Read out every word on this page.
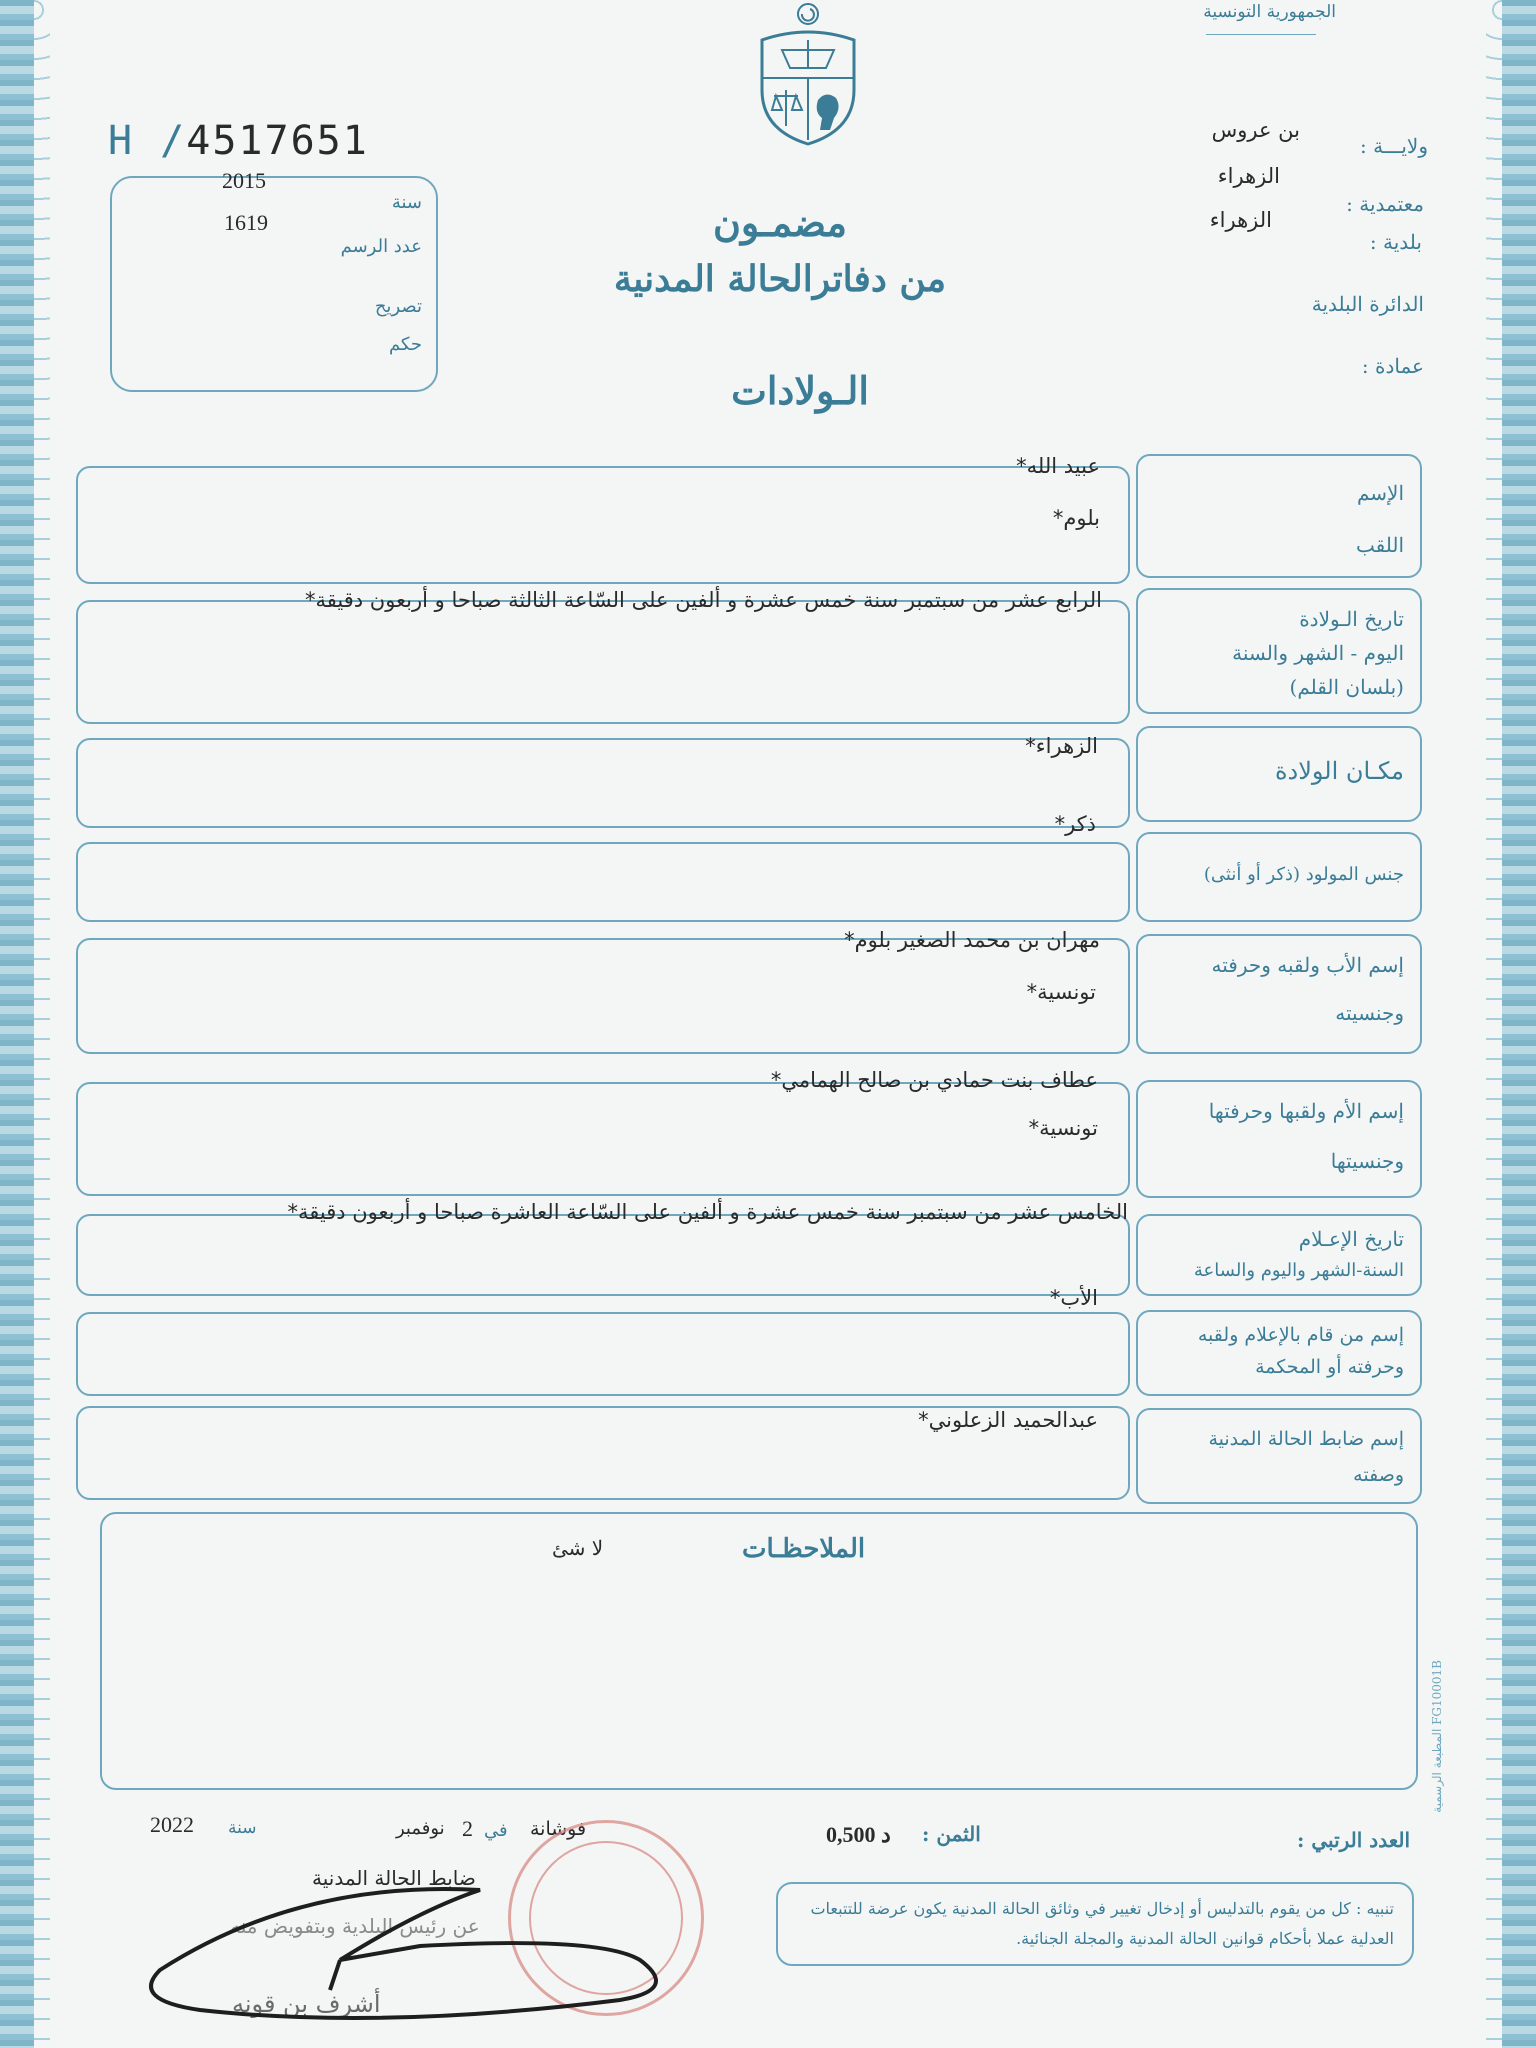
الجمهورية التونسية
ولايـــة :
بن عروس
معتمدية :
الزهراء
بلدية :
الزهراء
الدائرة البلدية
عمادة :
H /4517651
سنة
2015
عدد الرسم
1619
تصريح
حكم
مضمـون
من دفاترالحالة المدنية
الـولادات
الإسم
اللقب
عبيد الله*
بلوم*
تاريخ الـولادة
اليوم - الشهر والسنة
(بلسان القلم)
الرابع عشر من سبتمبر سنة خمس عشرة و ألفين على السّاعة الثالثة صباحا و أربعون دقيقة*
مكـان الولادة
الزهراء*
جنس المولود (ذكر أو أنثى)
ذكر*
إسم الأب ولقبه وحرفته
وجنسيته
مهران بن محمد الصغير بلوم*
تونسية*
إسم الأم ولقبها وحرفتها
وجنسيتها
عطاف بنت حمادي بن صالح الهمامي*
تونسية*
تاريخ الإعـلام
السنة-الشهر واليوم والساعة
الخامس عشر من سبتمبر سنة خمس عشرة و ألفين على السّاعة العاشرة صباحا و أربعون دقيقة*
إسم من قام بالإعلام ولقبه
وحرفته أو المحكمة
الأب*
إسم ضابط الحالة المدنية
وصفته
عبدالحميد الزعلوني*
الملاحظـات
لا شئ
المطبعة الرسمية FG10001B
العدد الرتبي :
الثمن :
0,500 د
فوشانة
في
2
نوفمبر
سنة
2022
ضابط الحالة المدنية
عن رئيس البلدية وبتفويض منه
أشرف بن قونه
تنبيه : كل من يقوم بالتدليس أو إدخال تغيير في وثائق الحالة المدنية يكون عرضة للتتبعات العدلية عملا بأحكام قوانين الحالة المدنية والمجلة الجنائية.
